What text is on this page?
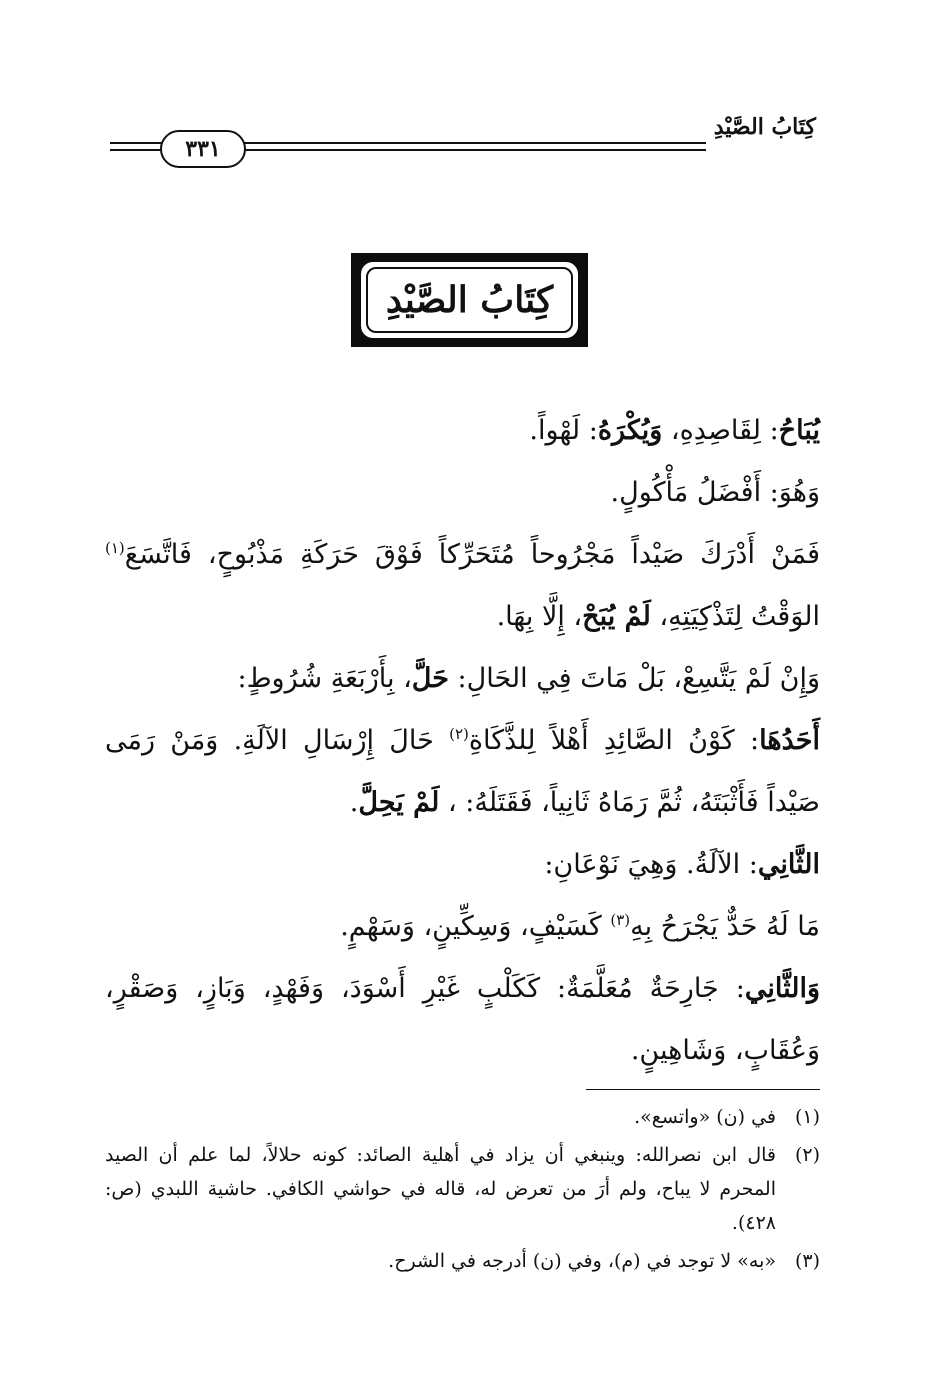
كِتَابُ الصَّيْدِ
٣٣١
كِتَابُ الصَّيْدِ

يُبَاحُ: لِقَاصِدِهِ، وَيُكْرَهُ: لَهْواً.

وَهُوَ: أَفْضَلُ مَأْكُولٍ.

فَمَنْ أَدْرَكَ صَيْداً مَجْرُوحاً مُتَحَرِّكاً فَوْقَ حَرَكَةِ مَذْبُوحٍ، فَاتَّسَعَ$^{(١)}$ الوَقْتُ لِتَذْكِيَتِهِ، لَمْ يُبَحْ، إِلَّا بِهَا.

وَإِنْ لَمْ يَتَّسِعْ، بَلْ مَاتَ فِي الحَالِ: حَلَّ، بِأَرْبَعَةِ شُرُوطٍ:

أَحَدُهَا: كَوْنُ الصَّائِدِ أَهْلاً لِلذَّكَاةِ$^{(٢)}$ حَالَ إِرْسَالِ الآلَةِ. وَمَنْ رَمَى صَيْداً فَأَثْبَتَهُ، ثُمَّ رَمَاهُ ثَانِياً، فَقَتَلَهُ: ، لَمْ يَحِلَّ.

الثَّانِي: الآلَةُ. وَهِيَ نَوْعَانِ:

مَا لَهُ حَدٌّ يَجْرَحُ بِهِ$^{(٣)}$ كَسَيْفٍ، وَسِكِّينٍ، وَسَهْمٍ.

وَالثَّانِي: جَارِحَةٌ مُعَلَّمَةٌ: كَكَلْبٍ غَيْرِ أَسْوَدَ، وَفَهْدٍ، وَبَازٍ، وَصَقْرٍ، وَعُقَابٍ، وَشَاهِينٍ.

(١)
في (ن) «واتسع».
(٢)
قال ابن نصرالله: وينبغي أن يزاد في أهلية الصائد: كونه حلالاً، لما علم أن الصيد المحرم لا يباح، ولم أرَ من تعرض له، قاله في حواشي الكافي. حاشية اللبدي (ص: ٤٢٨).
(٣)
«به» لا توجد في (م)، وفي (ن) أدرجه في الشرح.
